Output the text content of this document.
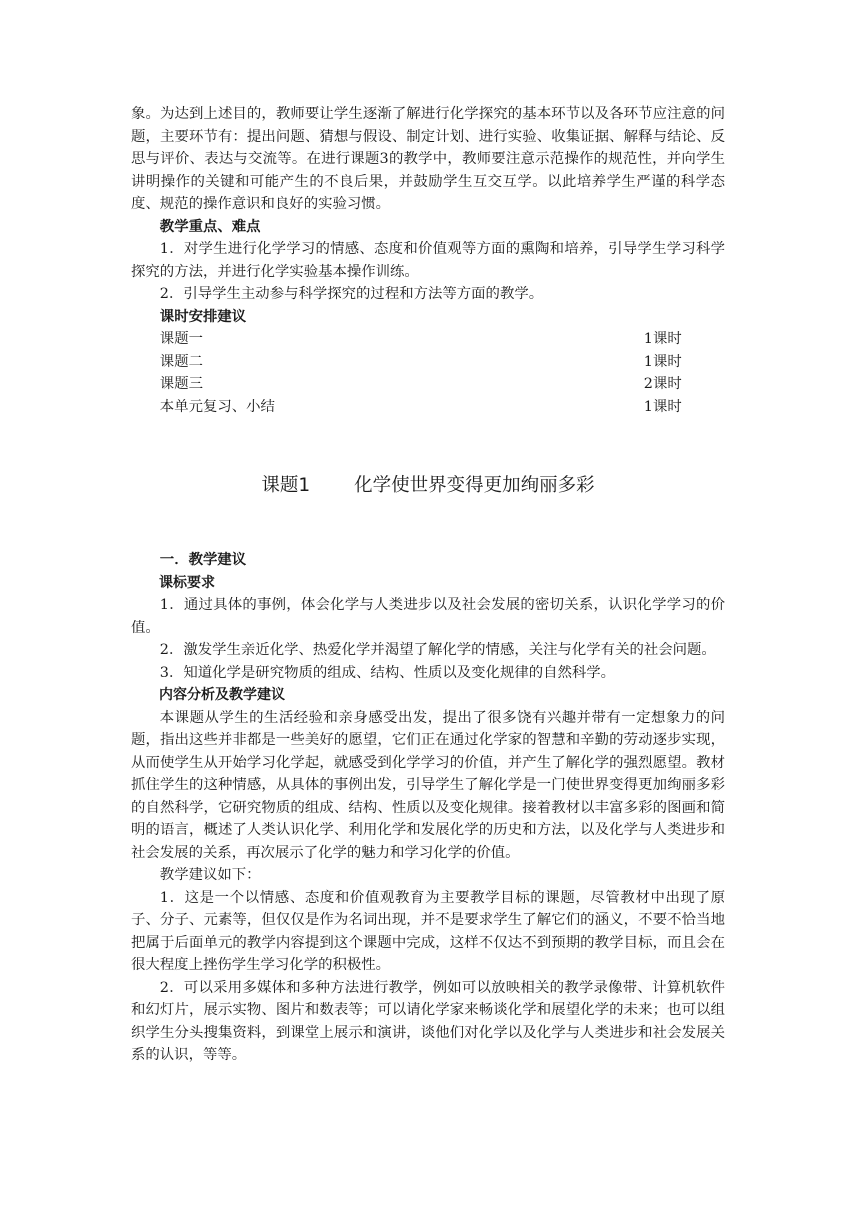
象。为达到上述目的，教师要让学生逐渐了解进行化学探究的基本环节以及各环节应注意的问题，主要环节有：提出问题、猜想与假设、制定计划、进行实验、收集证据、解释与结论、反思与评价、表达与交流等。在进行课题3的教学中，教师要注意示范操作的规范性，并向学生讲明操作的关键和可能产生的不良后果，并鼓励学生互交互学。以此培养学生严谨的科学态度、规范的操作意识和良好的实验习惯。

教学重点、难点

1．对学生进行化学学习的情感、态度和价值观等方面的熏陶和培养，引导学生学习科学探究的方法，并进行化学实验基本操作训练。

2．引导学生主动参与科学探究的过程和方法等方面的教学。

课时安排建议

课题一	1课时
课题二	1课时
课题三	2课时
本单元复习、小结	1课时
课题1 化学使世界变得更加绚丽多彩

一．教学建议

课标要求

1．通过具体的事例，体会化学与人类进步以及社会发展的密切关系，认识化学学习的价值。

2．激发学生亲近化学、热爱化学并渴望了解化学的情感，关注与化学有关的社会问题。

3．知道化学是研究物质的组成、结构、性质以及变化规律的自然科学。

内容分析及教学建议

本课题从学生的生活经验和亲身感受出发，提出了很多饶有兴趣并带有一定想象力的问题，指出这些并非都是一些美好的愿望，它们正在通过化学家的智慧和辛勤的劳动逐步实现，从而使学生从开始学习化学起，就感受到化学学习的价值，并产生了解化学的强烈愿望。教材抓住学生的这种情感，从具体的事例出发，引导学生了解化学是一门使世界变得更加绚丽多彩的自然科学，它研究物质的组成、结构、性质以及变化规律。接着教材以丰富多彩的图画和简明的语言，概述了人类认识化学、利用化学和发展化学的历史和方法，以及化学与人类进步和社会发展的关系，再次展示了化学的魅力和学习化学的价值。

教学建议如下：

1．这是一个以情感、态度和价值观教育为主要教学目标的课题，尽管教材中出现了原子、分子、元素等，但仅仅是作为名词出现，并不是要求学生了解它们的涵义，不要不恰当地把属于后面单元的教学内容提到这个课题中完成，这样不仅达不到预期的教学目标，而且会在很大程度上挫伤学生学习化学的积极性。

2．可以采用多媒体和多种方法进行教学，例如可以放映相关的教学录像带、计算机软件和幻灯片，展示实物、图片和数表等；可以请化学家来畅谈化学和展望化学的未来；也可以组织学生分头搜集资料，到课堂上展示和演讲，谈他们对化学以及化学与人类进步和社会发展关系的认识，等等。
